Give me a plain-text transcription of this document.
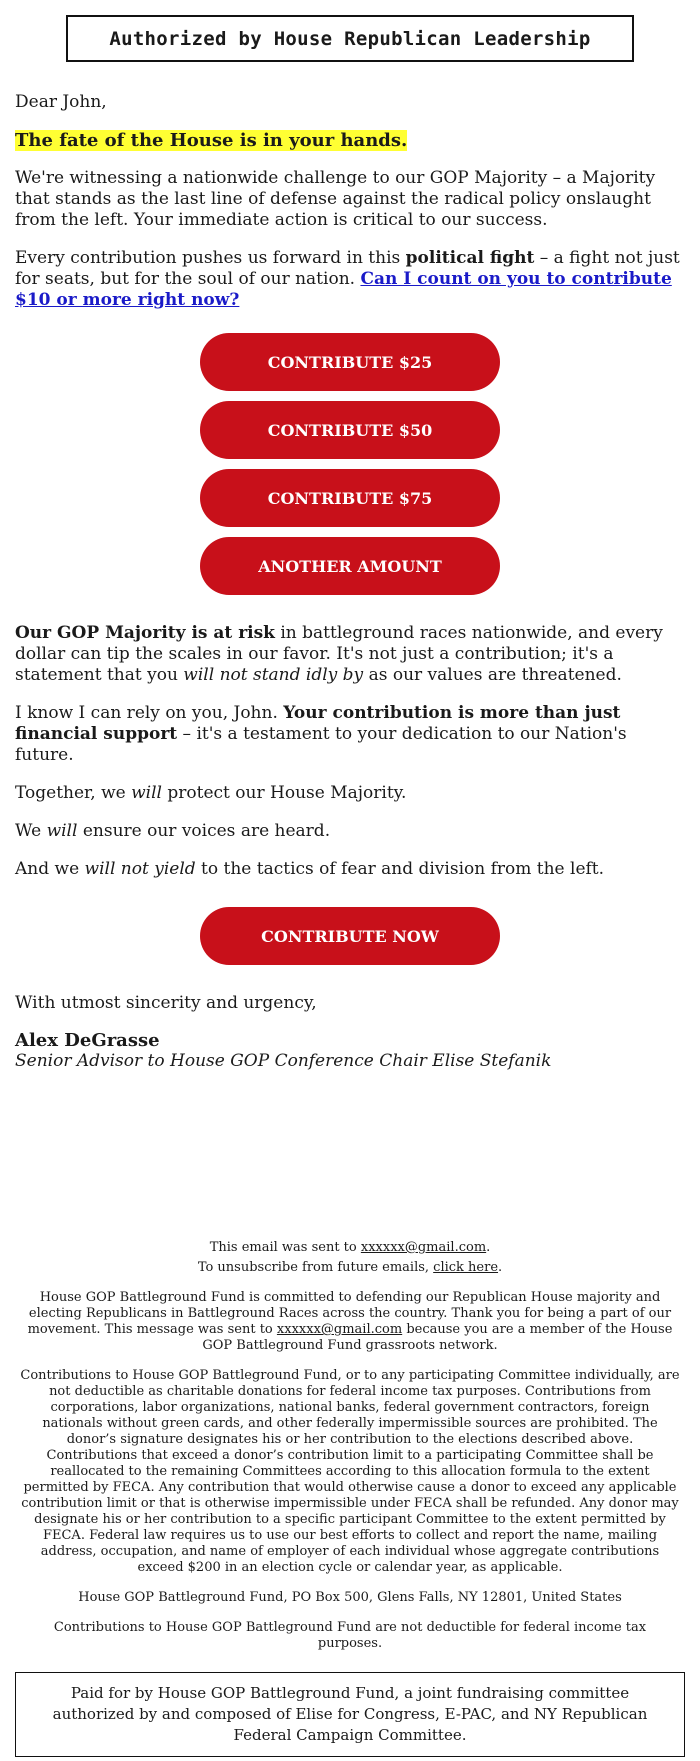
Authorized by House Republican Leadership

Dear John,

The fate of the House is in your hands.

We're witnessing a nationwide challenge to our GOP Majority – a Majority that stands as the last line of defense against the radical policy onslaught from the left. Your immediate action is critical to our success.

Every contribution pushes us forward in this political fight – a fight not just for seats, but for the soul of our nation. Can I count on you to contribute $10 or more right now?

CONTRIBUTE $25
CONTRIBUTE $50
CONTRIBUTE $75
ANOTHER AMOUNT

Our GOP Majority is at risk in battleground races nationwide, and every dollar can tip the scales in our favor. It's not just a contribution; it's a statement that you will not stand idly by as our values are threatened.

I know I can rely on you, John. Your contribution is more than just financial support – it's a testament to your dedication to our Nation's future.

Together, we will protect our House Majority.

We will ensure our voices are heard.

And we will not yield to the tactics of fear and division from the left.

CONTRIBUTE NOW

With utmost sincerity and urgency,

Alex DeGrasse

Senior Advisor to House GOP Conference Chair Elise Stefanik

This email was sent to xxxxxx@gmail.com.

To unsubscribe from future emails, click here.

House GOP Battleground Fund is committed to defending our Republican House majority and electing Republicans in Battleground Races across the country. Thank you for being a part of our movement. This message was sent to xxxxxx@gmail.com because you are a member of the House GOP Battleground Fund grassroots network.

Contributions to House GOP Battleground Fund, or to any participating Committee individually, are not deductible as charitable donations for federal income tax purposes. Contributions from corporations, labor organizations, national banks, federal government contractors, foreign nationals without green cards, and other federally impermissible sources are prohibited. The donor’s signature designates his or her contribution to the elections described above. Contributions that exceed a donor’s contribution limit to a participating Committee shall be reallocated to the remaining Committees according to this allocation formula to the extent permitted by FECA. Any contribution that would otherwise cause a donor to exceed any applicable contribution limit or that is otherwise impermissible under FECA shall be refunded. Any donor may designate his or her contribution to a specific participant Committee to the extent permitted by FECA. Federal law requires us to use our best efforts to collect and report the name, mailing address, occupation, and name of employer of each individual whose aggregate contributions exceed $200 in an election cycle or calendar year, as applicable.

House GOP Battleground Fund, PO Box 500, Glens Falls, NY 12801, United States

Contributions to House GOP Battleground Fund are not deductible for federal income tax purposes.

Paid for by House GOP Battleground Fund, a joint fundraising committee authorized by and composed of Elise for Congress, E-PAC, and NY Republican Federal Campaign Committee.
